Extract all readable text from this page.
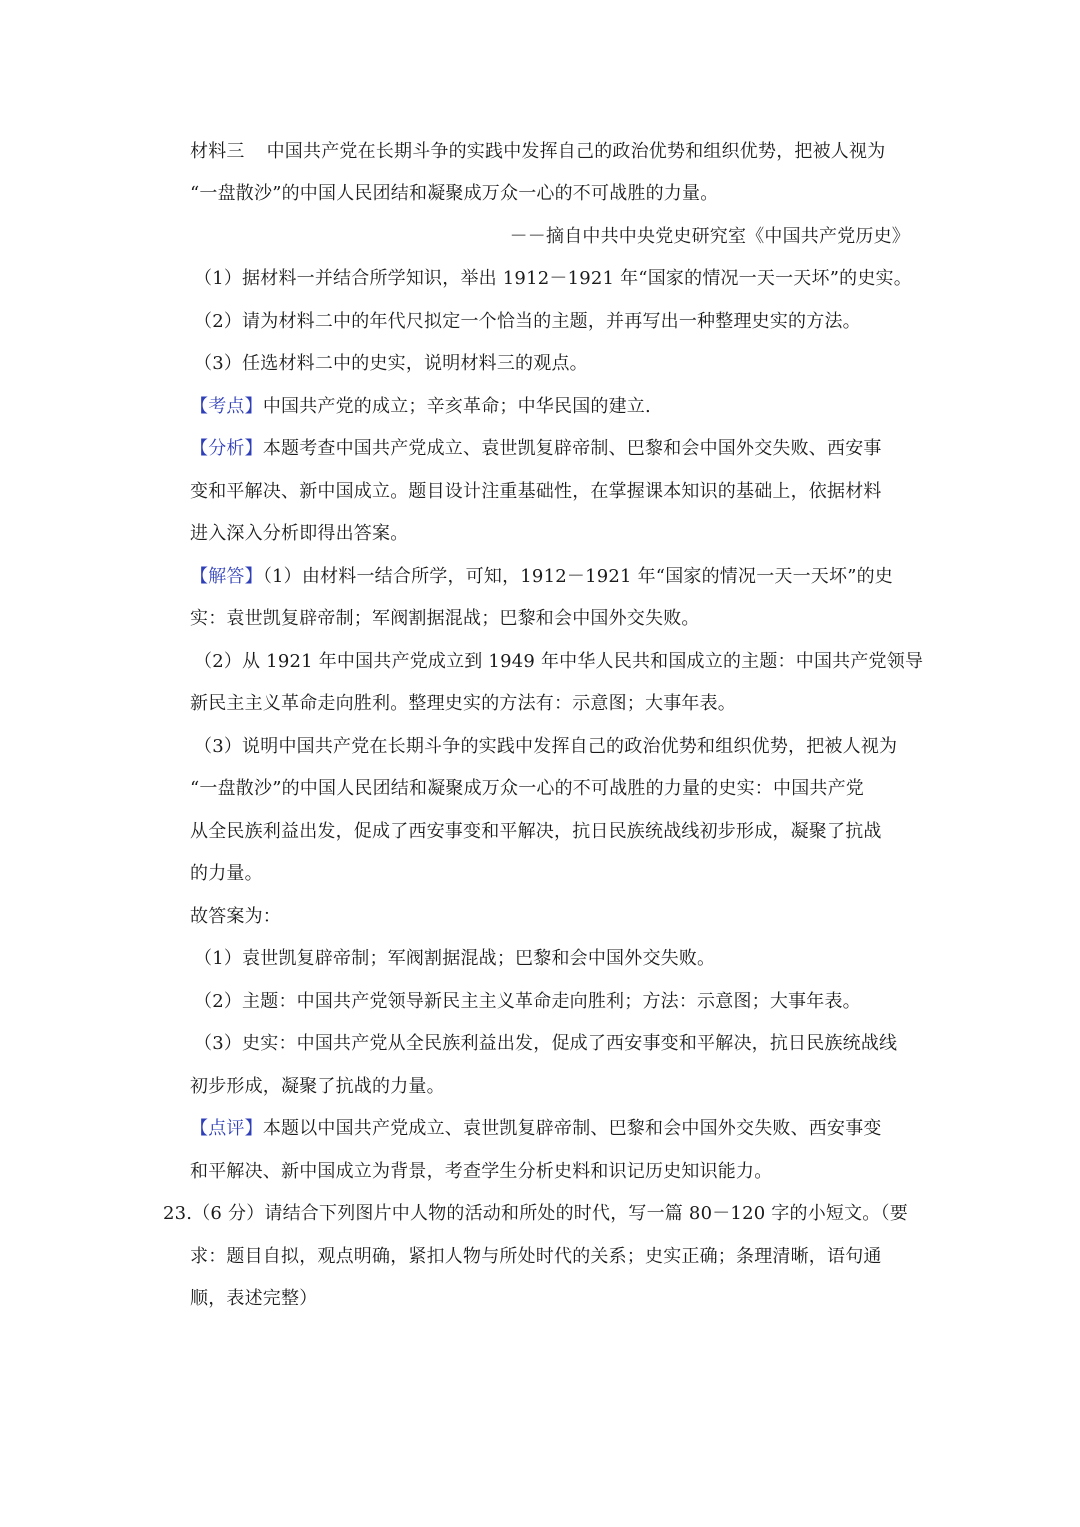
材料三 中国共产党在长期斗争的实践中发挥自己的政治优势和组织优势，把被人视为
“一盘散沙”的中国人民团结和凝聚成万众一心的不可战胜的力量。
－－摘自中共中央党史研究室《中国共产党历史》
（1）据材料一并结合所学知识，举出 1912－1921 年“国家的情况一天一天坏”的史实。
（2）请为材料二中的年代尺拟定一个恰当的主题，并再写出一种整理史实的方法。
（3）任选材料二中的史实，说明材料三的观点。
【考点】中国共产党的成立；辛亥革命；中华民国的建立.
【分析】本题考查中国共产党成立、袁世凯复辟帝制、巴黎和会中国外交失败、西安事
变和平解决、新中国成立。题目设计注重基础性，在掌握课本知识的基础上，依据材料
进入深入分析即得出答案。
【解答】（1）由材料一结合所学，可知，1912－1921 年“国家的情况一天一天坏”的史
实：袁世凯复辟帝制；军阀割据混战；巴黎和会中国外交失败。
（2）从 1921 年中国共产党成立到 1949 年中华人民共和国成立的主题：中国共产党领导
新民主主义革命走向胜利。整理史实的方法有：示意图；大事年表。
（3）说明中国共产党在长期斗争的实践中发挥自己的政治优势和组织优势，把被人视为
“一盘散沙”的中国人民团结和凝聚成万众一心的不可战胜的力量的史实：中国共产党
从全民族利益出发，促成了西安事变和平解决，抗日民族统战线初步形成，凝聚了抗战
的力量。
故答案为：
（1）袁世凯复辟帝制；军阀割据混战；巴黎和会中国外交失败。
（2）主题：中国共产党领导新民主主义革命走向胜利；方法：示意图；大事年表。
（3）史实：中国共产党从全民族利益出发，促成了西安事变和平解决，抗日民族统战线
初步形成，凝聚了抗战的力量。
【点评】本题以中国共产党成立、袁世凯复辟帝制、巴黎和会中国外交失败、西安事变
和平解决、新中国成立为背景，考查学生分析史料和识记历史知识能力。
23.（6 分）请结合下列图片中人物的活动和所处的时代，写一篇 80－120 字的小短文。（要
求：题目自拟，观点明确，紧扣人物与所处时代的关系；史实正确；条理清晰，语句通
顺，表述完整）
